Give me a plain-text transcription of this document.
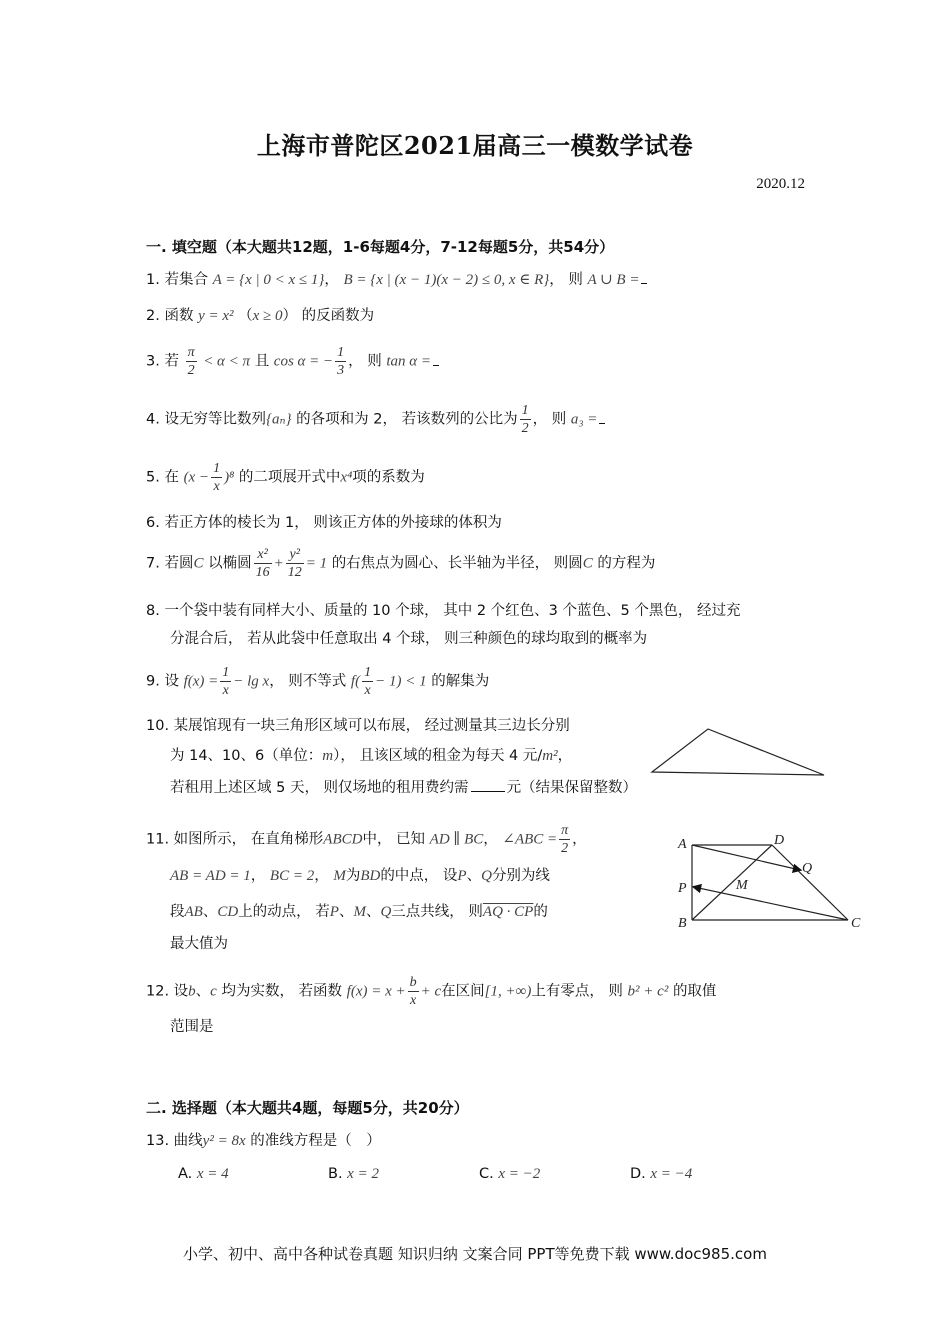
上海市普陀区2021届高三一模数学试卷
2020.12
一. 填空题（本大题共12题，1-6每题4分，7-12每题5分，共54分）
1. 若集合 A = {x | 0 < x ≤ 1}， B = {x | (x − 1)(x − 2) ≤ 0, x ∈ R}， 则 A ∪ B =
2. 函数 y = x² （x ≥ 0） 的反函数为
3. 若 $\frac{\pi}{2} < \alpha < \pi$ 且 cos α = − $\frac{1}{3}$ ， 则 tan α =
4. 设无穷等比数列{aₙ} 的各项和为 2， 若该数列的公比为 $\frac{1}{2}$ ， 则 a₃ =
5. 在 $(x - \frac{1}{x} )^8$ 的二项展开式中x⁴项的系数为
6. 若正方体的棱长为 1， 则该正方体的外接球的体积为
7. 若圆C 以椭圆 $\frac{\text{x²}}{16} + \frac{\text{y²}}{12} = 1$ 的右焦点为圆心、长半轴为半径， 则圆C 的方程为
8. 一个袋中装有同样大小、质量的 10 个球， 其中 2 个红色、3 个蓝色、5 个黑色， 经过充
分混合后， 若从此袋中任意取出 4 个球， 则三种颜色的球均取到的概率为
9. 设 $f(x) = \frac{1}{x} - \lg x$， 则不等式 $f( \frac{1}{x} - 1) < 1$ 的解集为
10. 某展馆现有一块三角形区域可以布展， 经过测量其三边长分别
为 14、10、6（单位：m）， 且该区域的租金为每天 4 元/m²，
若租用上述区域 5 天， 则仅场地的租用费约需	元（结果保留整数）
11. 如图所示， 在直角梯形ABCD中， 已知 AD ∥ BC， ∠ABC = $\frac{\pi}{2}$ ，
AB = AD = 1， BC = 2， M为BD的中点， 设P、Q分别为线
段AB、CD上的动点， 若P、M、Q三点共线， 则AQ · CP的
最大值为
A
B	C
D
M
P
Q
12. 设b、c 均为实数， 若函数 $f(x) = x + \frac{b}{x} + c$在区间[1, +∞)上有零点， 则 b² + c² 的取值
范围是
二. 选择题（本大题共4题，每题5分，共20分）
13. 曲线y² = 8x 的准线方程是（　）
A. x = 4	B. x = 2	C. x = −2	D. x = −4
小学、初中、高中各种试卷真题 知识归纳 文案合同 PPT等免费下载 www.doc985.com
